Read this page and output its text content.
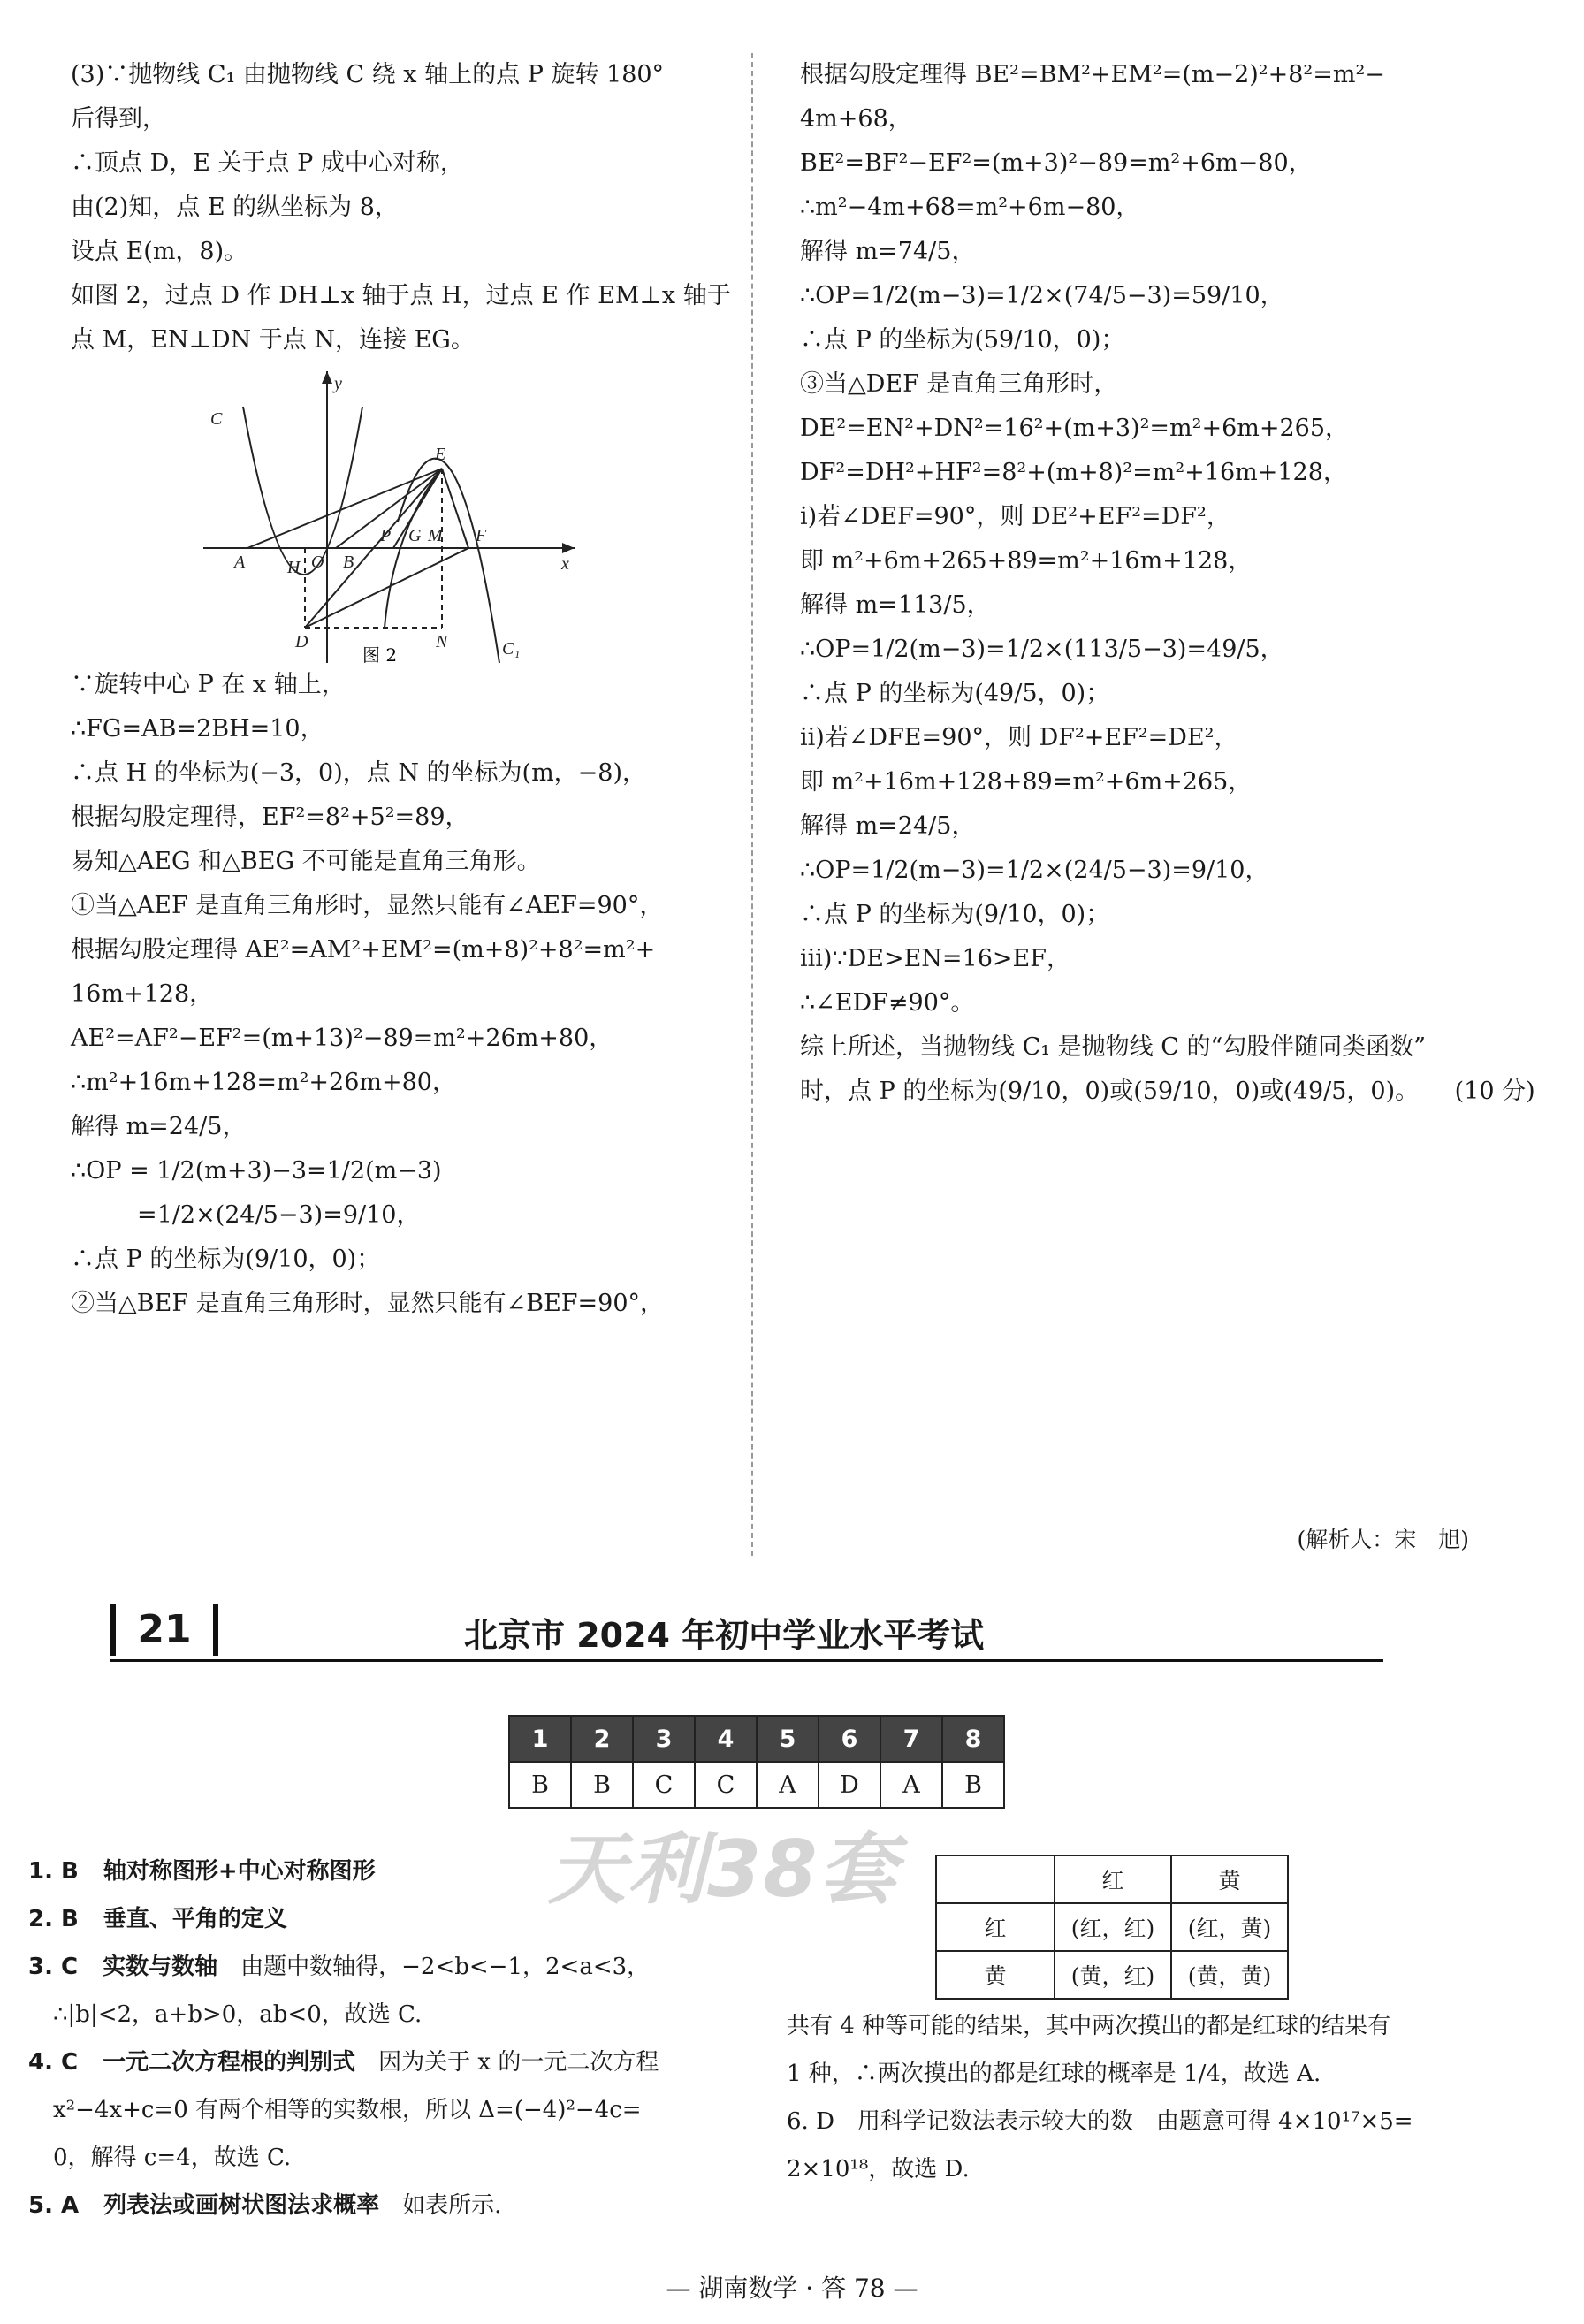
(3)∵抛物线 C₁ 由抛物线 C 绕 x 轴上的点 P 旋转 180°

后得到，

∴顶点 D，E 关于点 P 成中心对称，

由(2)知，点 E 的纵坐标为 8，

设点 E(m，8)。

如图 2，过点 D 作 DH⊥x 轴于点 H，过点 E 作 EM⊥x 轴于

点 M，EN⊥DN 于点 N，连接 EG。

y
x
C
C₁
E
A H O B
P G M F
D	N
图 2

∵旋转中心 P 在 x 轴上，

∴FG=AB=2BH=10，

∴点 H 的坐标为(−3，0)，点 N 的坐标为(m，−8)，

根据勾股定理得，EF²=8²+5²=89，

易知△AEG 和△BEG 不可能是直角三角形。

①当△AEF 是直角三角形时，显然只能有∠AEF=90°，

根据勾股定理得 AE²=AM²+EM²=(m+8)²+8²=m²+

16m+128，

AE²=AF²−EF²=(m+13)²−89=m²+26m+80，

∴m²+16m+128=m²+26m+80，

解得 m=24/5，

∴OP = 1/2(m+3)−3=1/2(m−3)

=1/2×(24/5−3)=9/10，

∴点 P 的坐标为(9/10，0)；

②当△BEF 是直角三角形时，显然只能有∠BEF=90°，

根据勾股定理得 BE²=BM²+EM²=(m−2)²+8²=m²−

4m+68，

BE²=BF²−EF²=(m+3)²−89=m²+6m−80，

∴m²−4m+68=m²+6m−80，

解得 m=74/5，

∴OP=1/2(m−3)=1/2×(74/5−3)=59/10，

∴点 P 的坐标为(59/10，0)；

③当△DEF 是直角三角形时，

DE²=EN²+DN²=16²+(m+3)²=m²+6m+265，

DF²=DH²+HF²=8²+(m+8)²=m²+16m+128，

ⅰ)若∠DEF=90°，则 DE²+EF²=DF²，

即 m²+6m+265+89=m²+16m+128，

解得 m=113/5，

∴OP=1/2(m−3)=1/2×(113/5−3)=49/5，

∴点 P 的坐标为(49/5，0)；

ⅱ)若∠DFE=90°，则 DF²+EF²=DE²，

即 m²+16m+128+89=m²+6m+265，

解得 m=24/5，

∴OP=1/2(m−3)=1/2×(24/5−3)=9/10，

∴点 P 的坐标为(9/10，0)；

ⅲ)∵DE>EN=16>EF，

∴∠EDF≠90°。

综上所述，当抛物线 C₁ 是抛物线 C 的“勾股伴随同类函数”

时，点 P 的坐标为(9/10，0)或(59/10，0)或(49/5，0)。　　(10 分)

(解析人：宋　旭)
21	北京市 2024 年初中学业水平考试
1	2	3	4	5	6	7	8
B	B	C	C	A	D	A	B
天利38套

1. B 轴对称图形+中心对称图形

2. B 垂直、平角的定义

3. C 实数与数轴　由题中数轴得，−2<b<−1，2<a<3，

∴|b|<2，a+b>0，ab<0，故选 C.

4. C 一元二次方程根的判别式　因为关于 x 的一元二次方程

x²−4x+c=0 有两个相等的实数根，所以 Δ=(−4)²−4c=

0，解得 c=4，故选 C.

5. A 列表法或画树状图法求概率　如表所示.

	红	黄
红	(红，红)	(红，黄)
黄	(黄，红)	(黄，黄)

共有 4 种等可能的结果，其中两次摸出的都是红球的结果有

1 种，∴两次摸出的都是红球的概率是 1/4，故选 A.

6. D　用科学记数法表示较大的数　由题意可得 4×10¹⁷×5=

2×10¹⁸，故选 D.

— 湖南数学 · 答 78 —
